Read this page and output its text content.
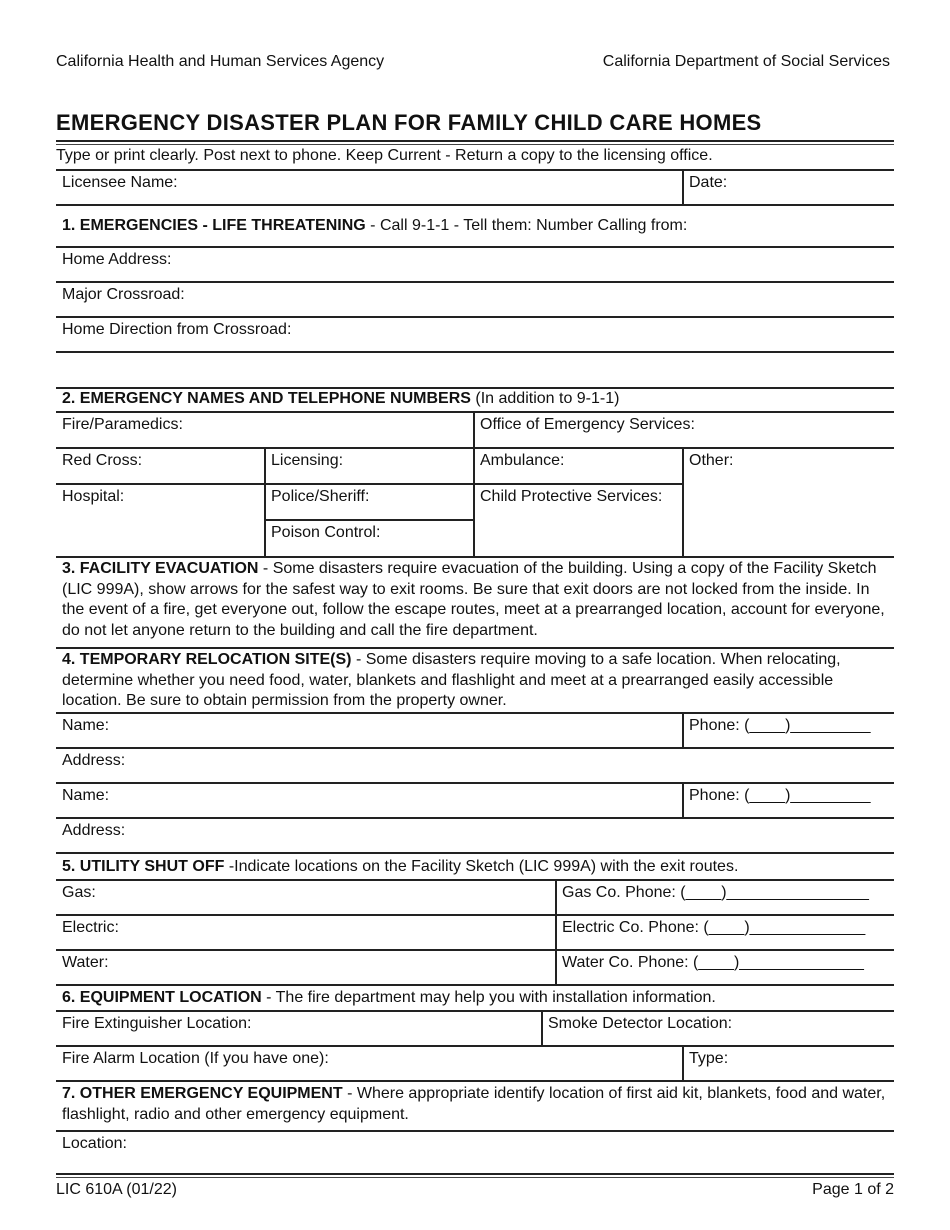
California Health and Human Services Agency	California Department of Social Services
EMERGENCY DISASTER PLAN FOR FAMILY CHILD CARE HOMES
Type or print clearly. Post next to phone. Keep Current - Return a copy to the licensing office.
Licensee Name:	Date:
1. EMERGENCIES - LIFE THREATENING - Call 9-1-1 - Tell them: Number Calling from:
Home Address:
Major Crossroad:
Home Direction from Crossroad:
2. EMERGENCY NAMES AND TELEPHONE NUMBERS (In addition to 9-1-1)
Fire/Paramedics:	Office of Emergency Services:
Red Cross:	Licensing:	Ambulance:	Other:
Hospital:	Police/Sheriff:	Child Protective Services:
Poison Control:
3. FACILITY EVACUATION - Some disasters require evacuation of the building. Using a copy of the Facility Sketch (LIC 999A), show arrows for the safest way to exit rooms. Be sure that exit doors are not locked from the inside. In the event of a fire, get everyone out, follow the escape routes, meet at a prearranged location, account for everyone, do not let anyone return to the building and call the fire department.
4. TEMPORARY RELOCATION SITE(S) - Some disasters require moving to a safe location. When relocating, determine whether you need food, water, blankets and flashlight and meet at a prearranged easily accessible location. Be sure to obtain permission from the property owner.
Name:	Phone: (____)_________
Address:
Name:	Phone: (____)_________
Address:
5. UTILITY SHUT OFF -Indicate locations on the Facility Sketch (LIC 999A) with the exit routes.
Gas:	Gas Co. Phone: (____)________________
Electric:	Electric Co. Phone: (____)_____________
Water:	Water Co. Phone: (____)______________
6. EQUIPMENT LOCATION - The fire department may help you with installation information.
Fire Extinguisher Location:	Smoke Detector Location:
Fire Alarm Location (If you have one):	Type:
7. OTHER EMERGENCY EQUIPMENT - Where appropriate identify location of first aid kit, blankets, food and water, flashlight, radio and other emergency equipment.
Location:
LIC 610A (01/22)	Page 1 of 2
